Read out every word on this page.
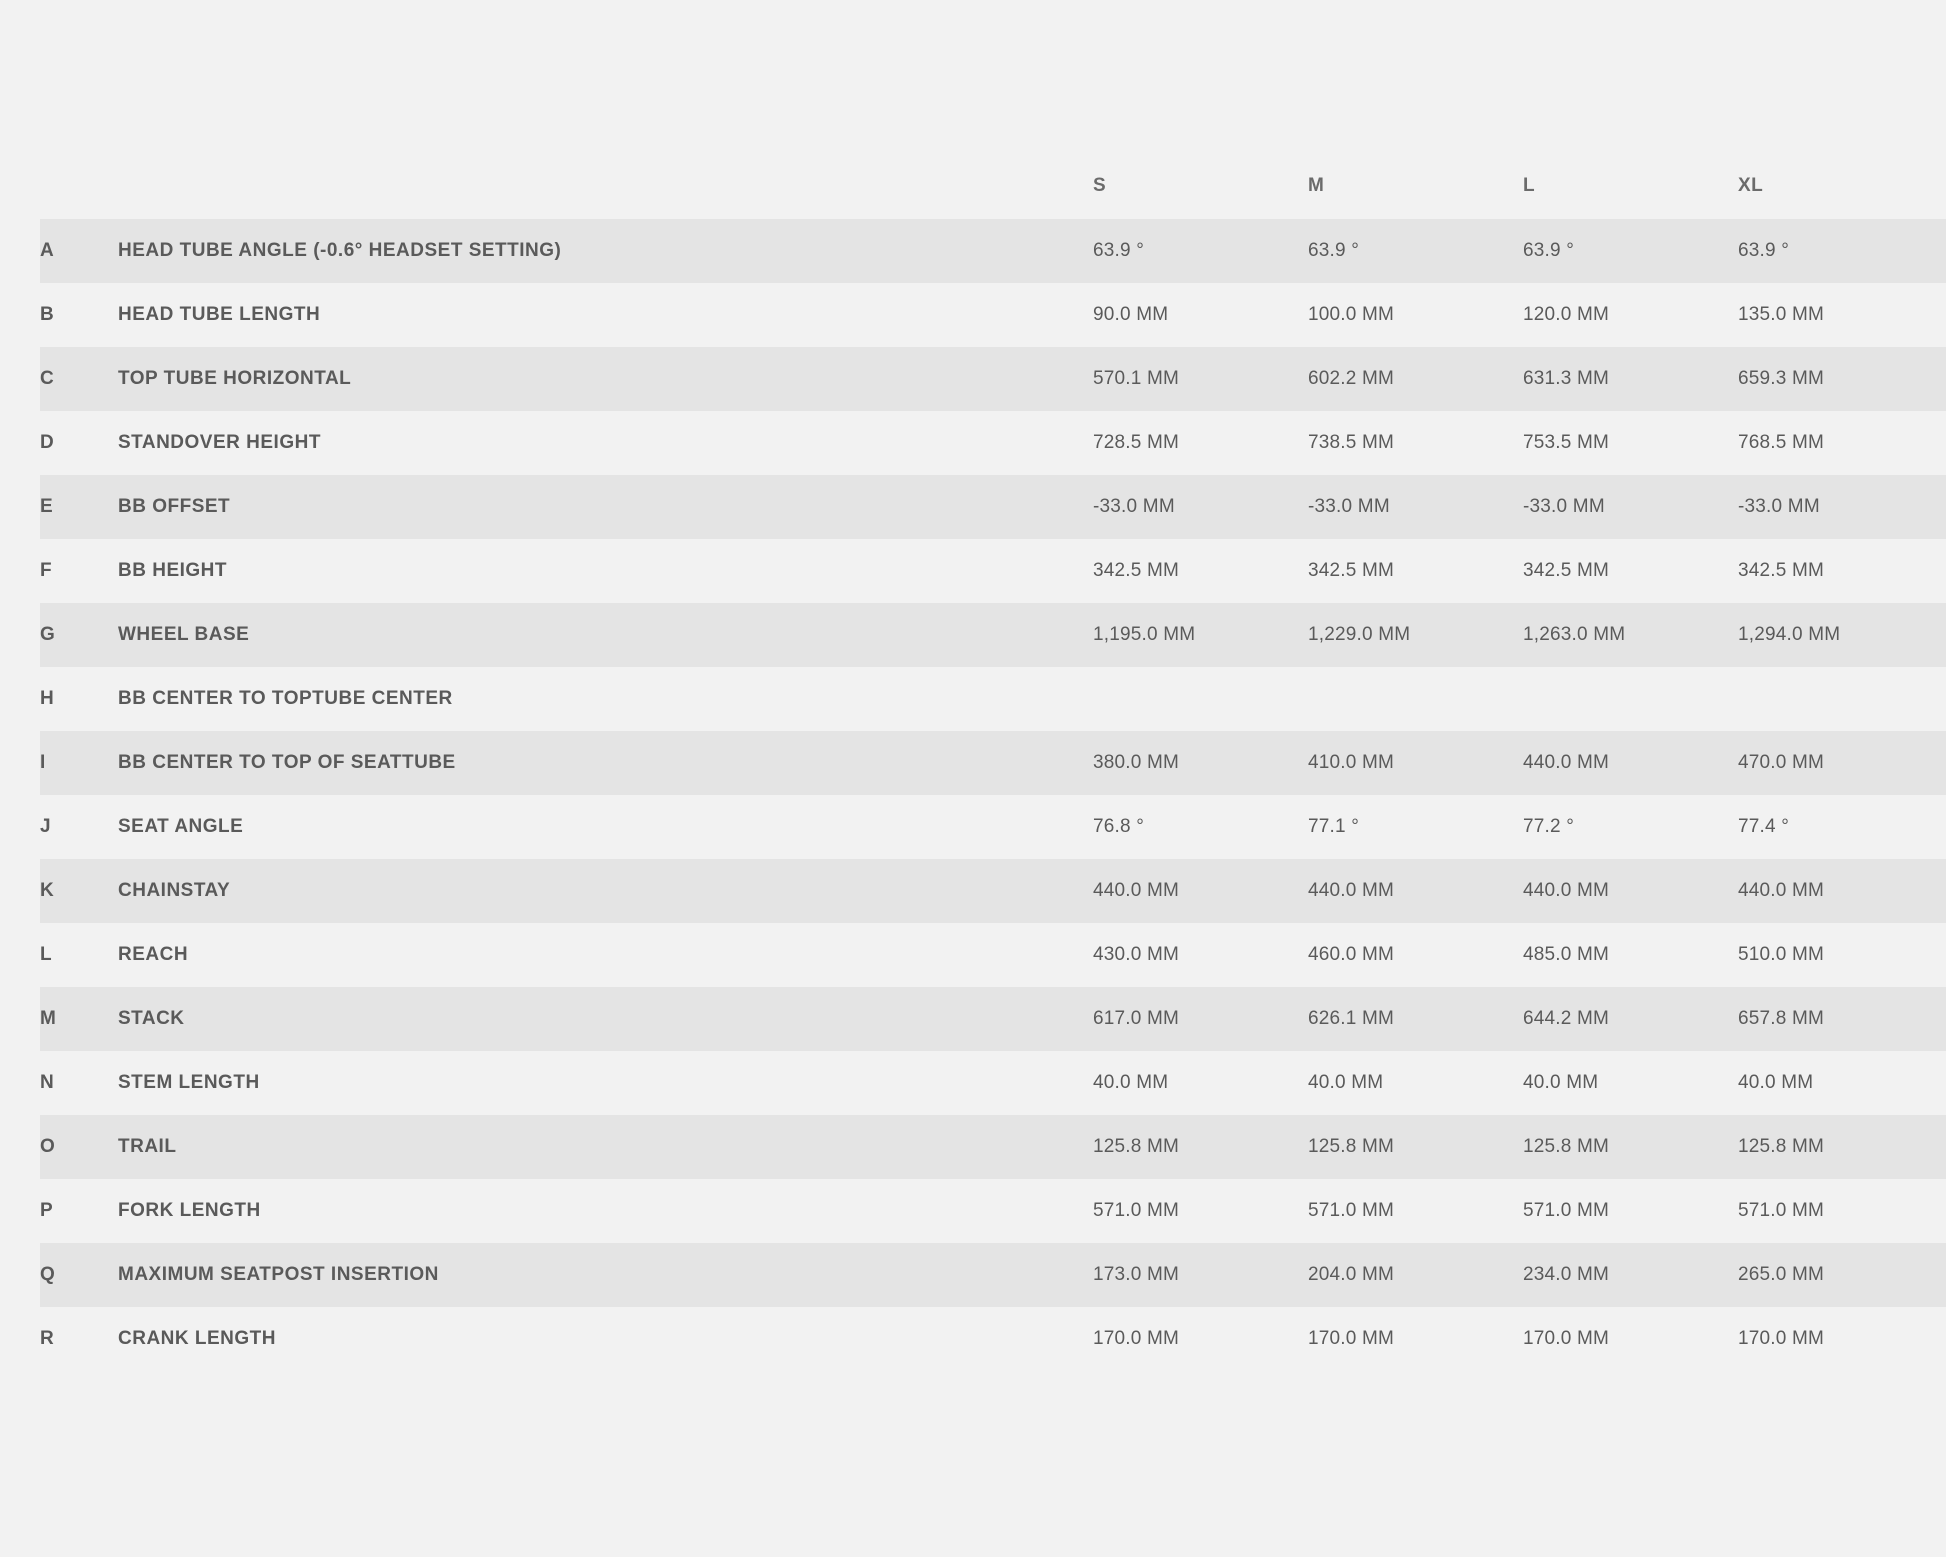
		S	M	L	XL
A	HEAD TUBE ANGLE (-0.6° HEADSET SETTING)	63.9 °	63.9 °	63.9 °	63.9 °
B	HEAD TUBE LENGTH	90.0 MM	100.0 MM	120.0 MM	135.0 MM
C	TOP TUBE HORIZONTAL	570.1 MM	602.2 MM	631.3 MM	659.3 MM
D	STANDOVER HEIGHT	728.5 MM	738.5 MM	753.5 MM	768.5 MM
E	BB OFFSET	-33.0 MM	-33.0 MM	-33.0 MM	-33.0 MM
F	BB HEIGHT	342.5 MM	342.5 MM	342.5 MM	342.5 MM
G	WHEEL BASE	1,195.0 MM	1,229.0 MM	1,263.0 MM	1,294.0 MM
H	BB CENTER TO TOPTUBE CENTER				
I	BB CENTER TO TOP OF SEATTUBE	380.0 MM	410.0 MM	440.0 MM	470.0 MM
J	SEAT ANGLE	76.8 °	77.1 °	77.2 °	77.4 °
K	CHAINSTAY	440.0 MM	440.0 MM	440.0 MM	440.0 MM
L	REACH	430.0 MM	460.0 MM	485.0 MM	510.0 MM
M	STACK	617.0 MM	626.1 MM	644.2 MM	657.8 MM
N	STEM LENGTH	40.0 MM	40.0 MM	40.0 MM	40.0 MM
O	TRAIL	125.8 MM	125.8 MM	125.8 MM	125.8 MM
P	FORK LENGTH	571.0 MM	571.0 MM	571.0 MM	571.0 MM
Q	MAXIMUM SEATPOST INSERTION	173.0 MM	204.0 MM	234.0 MM	265.0 MM
R	CRANK LENGTH	170.0 MM	170.0 MM	170.0 MM	170.0 MM
